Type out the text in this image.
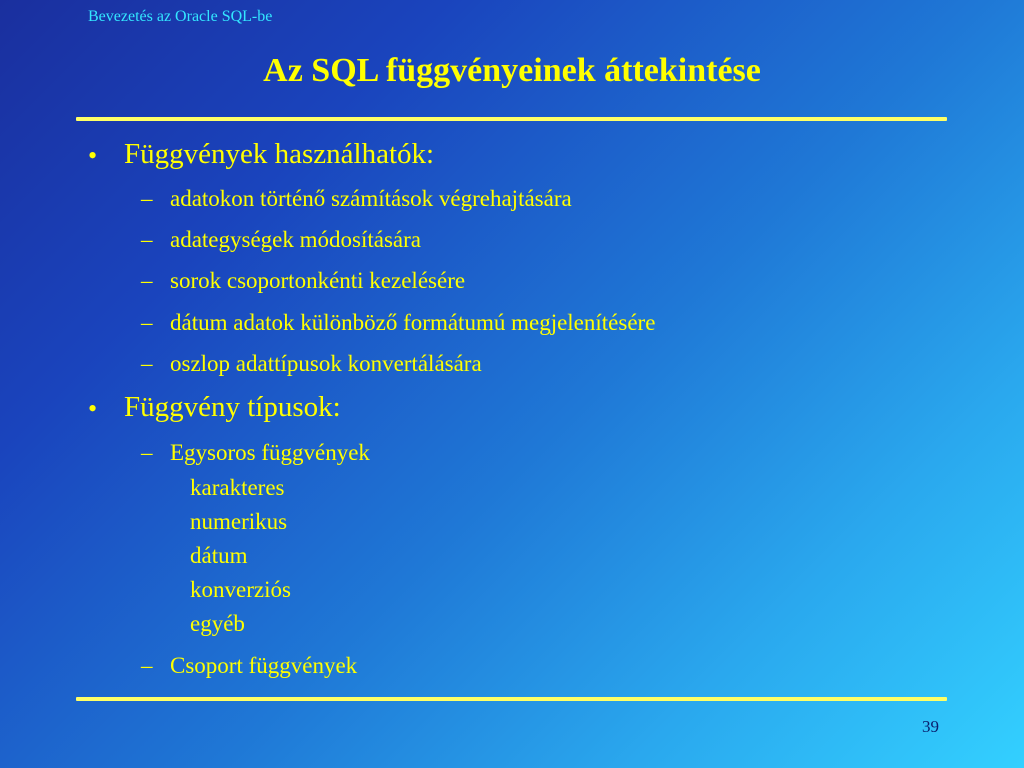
Bevezetés az Oracle SQL-be
Az SQL függvényeinek áttekintése
• Függvények használhatók:
– adatokon történő számítások végrehajtására
– adategységek módosítására
– sorok csoportonkénti kezelésére
– dátum adatok különböző formátumú megjelenítésére
– oszlop adattípusok konvertálására
• Függvény típusok:
– Egysoros függvények
karakteres
numerikus
dátum
konverziós
egyéb
– Csoport függvények
39
